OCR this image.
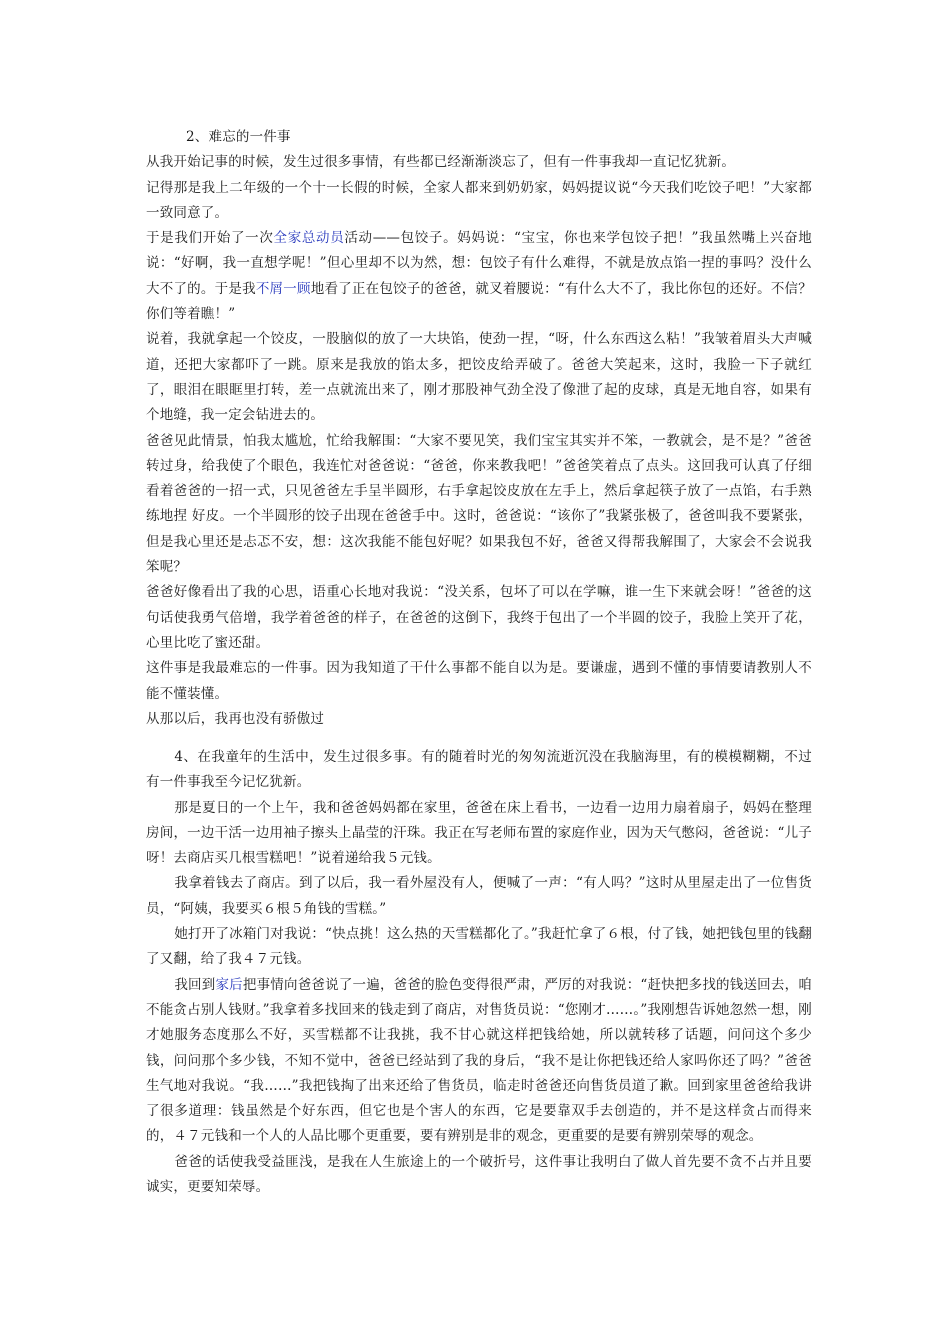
2、难忘的一件事

从我开始记事的时候，发生过很多事情，有些都已经渐渐淡忘了，但有一件事我却一直记忆犹新。

记得那是我上二年级的一个十一长假的时候，全家人都来到奶奶家，妈妈提议说“今天我们吃饺子吧！”大家都一致同意了。

于是我们开始了一次全家总动员活动——包饺子。妈妈说：“宝宝，你也来学包饺子把！”我虽然嘴上兴奋地说：“好啊，我一直想学呢！”但心里却不以为然，想：包饺子有什么难得，不就是放点馅一捏的事吗？没什么大不了的。于是我不屑一顾地看了正在包饺子的爸爸，就叉着腰说：“有什么大不了，我比你包的还好。不信？你们等着瞧！”

说着，我就拿起一个饺皮，一股脑似的放了一大块馅，使劲一捏，“呀，什么东西这么粘！”我皱着眉头大声喊道，还把大家都吓了一跳。原来是我放的馅太多，把饺皮给弄破了。爸爸大笑起来，这时，我脸一下子就红了，眼泪在眼眶里打转，差一点就流出来了，刚才那股神气劲全没了像泄了起的皮球，真是无地自容，如果有个地缝，我一定会钻进去的。

爸爸见此情景，怕我太尴尬，忙给我解围：“大家不要见笑，我们宝宝其实并不笨，一教就会，是不是？”爸爸转过身，给我使了个眼色，我连忙对爸爸说：“爸爸，你来教我吧！”爸爸笑着点了点头。这回我可认真了仔细看着爸爸的一招一式，只见爸爸左手呈半圆形，右手拿起饺皮放在左手上，然后拿起筷子放了一点馅，右手熟练地捏 好皮。一个半圆形的饺子出现在爸爸手中。这时，爸爸说：“该你了”我紧张极了，爸爸叫我不要紧张，但是我心里还是忐忑不安，想：这次我能不能包好呢？如果我包不好，爸爸又得帮我解围了，大家会不会说我笨呢？

爸爸好像看出了我的心思，语重心长地对我说：“没关系，包坏了可以在学嘛，谁一生下来就会呀！”爸爸的这句话使我勇气倍增，我学着爸爸的样子，在爸爸的这倒下，我终于包出了一个半圆的饺子，我脸上笑开了花，心里比吃了蜜还甜。

这件事是我最难忘的一件事。因为我知道了干什么事都不能自以为是。要谦虚，遇到不懂的事情要请教别人不能不懂装懂。

从那以后，我再也没有骄傲过

4、在我童年的生活中，发生过很多事。有的随着时光的匆匆流逝沉没在我脑海里，有的模模糊糊，不过有一件事我至今记忆犹新。

那是夏日的一个上午，我和爸爸妈妈都在家里，爸爸在床上看书，一边看一边用力扇着扇子，妈妈在整理房间，一边干活一边用袖子擦头上晶莹的汗珠。我正在写老师布置的家庭作业，因为天气憋闷，爸爸说：“儿子呀！去商店买几根雪糕吧！”说着递给我５元钱。

我拿着钱去了商店。到了以后，我一看外屋没有人，便喊了一声：“有人吗？”这时从里屋走出了一位售货员，“阿姨，我要买６根５角钱的雪糕。”

她打开了冰箱门对我说：“快点挑！这么热的天雪糕都化了。”我赶忙拿了６根，付了钱，她把钱包里的钱翻了又翻，给了我４７元钱。

我回到家后把事情向爸爸说了一遍，爸爸的脸色变得很严肃，严厉的对我说：“赶快把多找的钱送回去，咱不能贪占别人钱财。”我拿着多找回来的钱走到了商店，对售货员说：“您刚才……。”我刚想告诉她忽然一想，刚才她服务态度那么不好，买雪糕都不让我挑，我不甘心就这样把钱给她，所以就转移了话题，问问这个多少钱，问问那个多少钱，不知不觉中，爸爸已经站到了我的身后，“我不是让你把钱还给人家吗你还了吗？”爸爸生气地对我说。“我……”我把钱掏了出来还给了售货员，临走时爸爸还向售货员道了歉。回到家里爸爸给我讲了很多道理：钱虽然是个好东西，但它也是个害人的东西，它是要靠双手去创造的，并不是这样贪占而得来的，４７元钱和一个人的人品比哪个更重要，要有辨别是非的观念，更重要的是要有辨别荣辱的观念。

爸爸的话使我受益匪浅，是我在人生旅途上的一个破折号，这件事让我明白了做人首先要不贪不占并且要诚实，更要知荣辱。
